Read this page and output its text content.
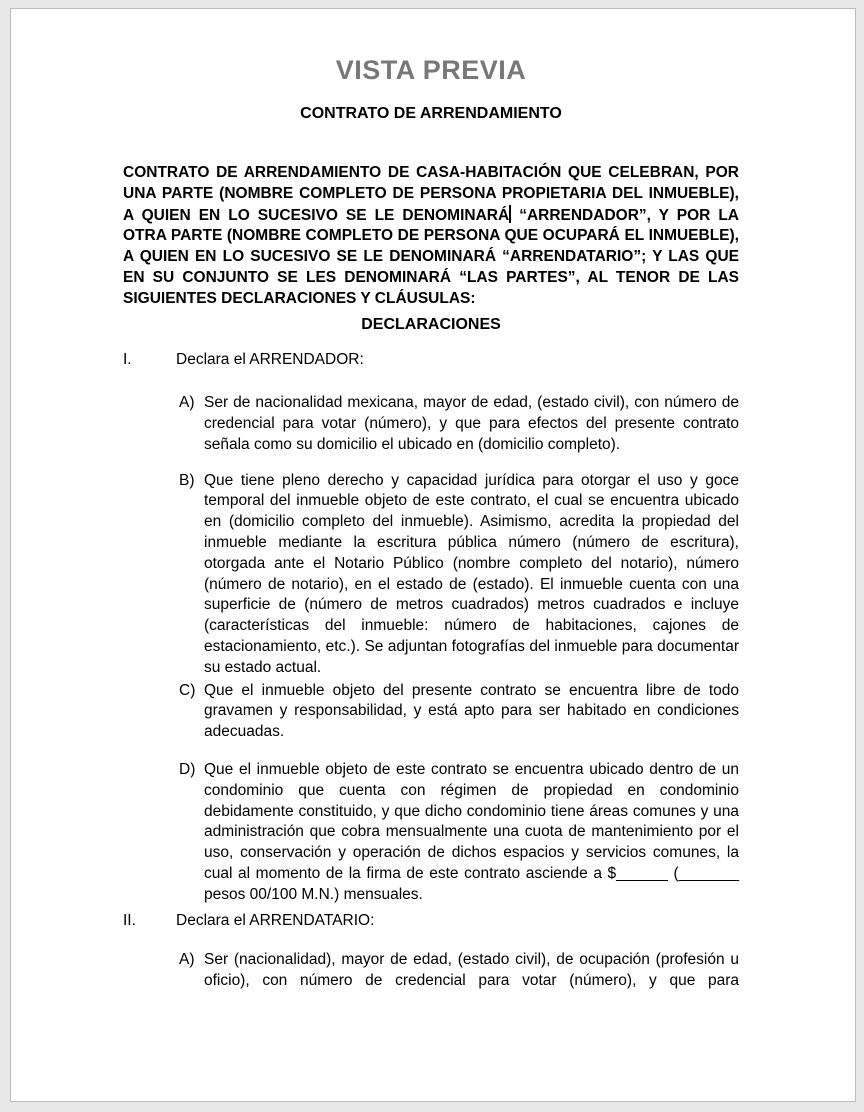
VISTA PREVIA
CONTRATO DE ARRENDAMIENTO

CONTRATO DE ARRENDAMIENTO DE CASA-HABITACIÓN QUE CELEBRAN, POR UNA PARTE (NOMBRE COMPLETO DE PERSONA PROPIETARIA DEL INMUEBLE), A QUIEN EN LO SUCESIVO SE LE DENOMINARÁ “ARRENDADOR”, Y POR LA OTRA PARTE (NOMBRE COMPLETO DE PERSONA QUE OCUPARÁ EL INMUEBLE), A QUIEN EN LO SUCESIVO SE LE DENOMINARÁ “ARRENDATARIO”; Y LAS QUE EN SU CONJUNTO SE LES DENOMINARÁ “LAS PARTES”, AL TENOR DE LAS SIGUIENTES DECLARACIONES Y CLÁUSULAS:

DECLARACIONES
I.	Declara el ARRENDADOR:
A) Ser de nacionalidad mexicana, mayor de edad, (estado civil), con número de credencial para votar (número), y que para efectos del presente contrato señala como su domicilio el ubicado en (domicilio completo).
B) Que tiene pleno derecho y capacidad jurídica para otorgar el uso y goce temporal del inmueble objeto de este contrato, el cual se encuentra ubicado en (domicilio completo del inmueble). Asimismo, acredita la propiedad del inmueble mediante la escritura pública número (número de escritura), otorgada ante el Notario Público (nombre completo del notario), número (número de notario), en el estado de (estado). El inmueble cuenta con una superficie de (número de metros cuadrados) metros cuadrados e incluye (características del inmueble: número de habitaciones, cajones de estacionamiento, etc.). Se adjuntan fotografías del inmueble para documentar su estado actual.
C) Que el inmueble objeto del presente contrato se encuentra libre de todo gravamen y responsabilidad, y está apto para ser habitado en condiciones adecuadas.
D) Que el inmueble objeto de este contrato se encuentra ubicado dentro de un condominio que cuenta con régimen de propiedad en condominio debidamente constituido, y que dicho condominio tiene áreas comunes y una administración que cobra mensualmente una cuota de mantenimiento por el uso, conservación y operación de dichos espacios y servicios comunes, la cual al momento de la firma de este contrato asciende a $______ (_______ pesos 00/100 M.N.) mensuales.
II.	Declara el ARRENDATARIO:
A) Ser (nacionalidad), mayor de edad, (estado civil), de ocupación (profesión u oficio), con número de credencial para votar (número), y que para
